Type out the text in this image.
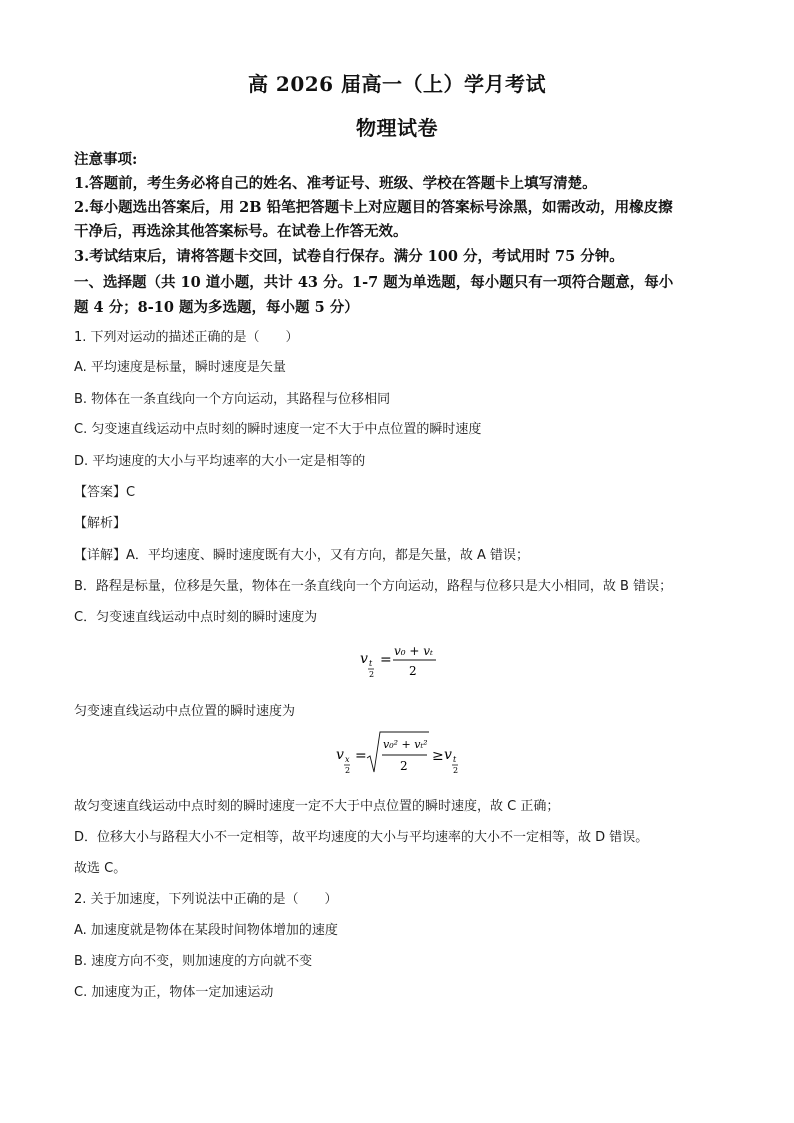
高 2026 届高一（上）学月考试
物理试卷
注意事项:
1.答题前，考生务必将自己的姓名、准考证号、班级、学校在答题卡上填写清楚。
2.每小题选出答案后，用 2B 铅笔把答题卡上对应题目的答案标号涂黑，如需改动，用橡皮擦
干净后，再选涂其他答案标号。在试卷上作答无效。
3.考试结束后，请将答题卡交回，试卷自行保存。满分 100 分，考试用时 75 分钟。
一、选择题（共 10 道小题，共计 43 分。1-7 题为单选题，每小题只有一项符合题意，每小
题 4 分；8-10 题为多选题，每小题 5 分）
1. 下列对运动的描述正确的是（　　）
A. 平均速度是标量，瞬时速度是矢量
B. 物体在一条直线向一个方向运动，其路程与位移相同
C. 匀变速直线运动中点时刻的瞬时速度一定不大于中点位置的瞬时速度
D. 平均速度的大小与平均速率的大小一定是相等的
【答案】C
【解析】
【详解】A．平均速度、瞬时速度既有大小，又有方向，都是矢量，故 A 错误；
B．路程是标量，位移是矢量，物体在一条直线向一个方向运动，路程与位移只是大小相同，故 B 错误；
C．匀变速直线运动中点时刻的瞬时速度为
v t
2
=
v₀ + vₜ
2
匀变速直线运动中点位置的瞬时速度为
v x
2
=
v₀² + vₜ²
2
≥ v t
2
故匀变速直线运动中点时刻的瞬时速度一定不大于中点位置的瞬时速度，故 C 正确；
D．位移大小与路程大小不一定相等，故平均速度的大小与平均速率的大小不一定相等，故 D 错误。
故选 C。
2. 关于加速度，下列说法中正确的是（　　）
A. 加速度就是物体在某段时间物体增加的速度
B. 速度方向不变，则加速度的方向就不变
C. 加速度为正，物体一定加速运动
